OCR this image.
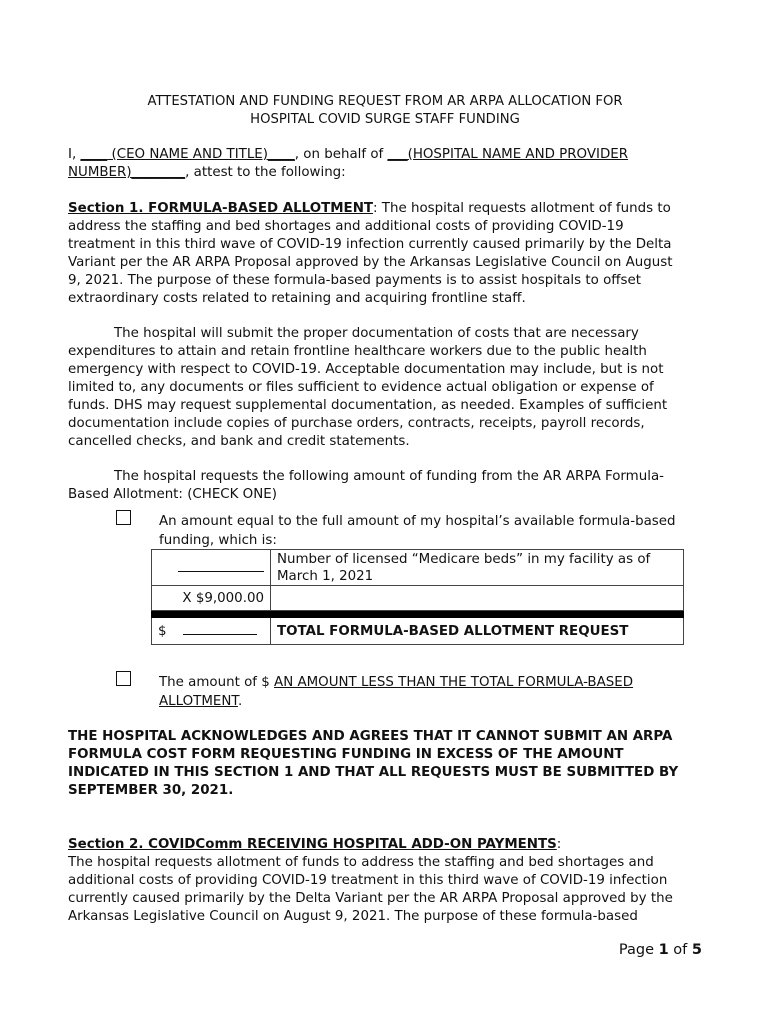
ATTESTATION AND FUNDING REQUEST FROM AR ARPA ALLOCATION FOR
HOSPITAL COVID SURGE STAFF FUNDING
I, ____ (CEO NAME AND TITLE)____, on behalf of ___(HOSPITAL NAME AND PROVIDER
NUMBER)________, attest to the following:
Section 1. FORMULA-BASED ALLOTMENT: The hospital requests allotment of funds to
address the staffing and bed shortages and additional costs of providing COVID-19
treatment in this third wave of COVID-19 infection currently caused primarily by the Delta
Variant per the AR ARPA Proposal approved by the Arkansas Legislative Council on August
9, 2021. The purpose of these formula-based payments is to assist hospitals to offset
extraordinary costs related to retaining and acquiring frontline staff.
The hospital will submit the proper documentation of costs that are necessary
expenditures to attain and retain frontline healthcare workers due to the public health
emergency with respect to COVID-19. Acceptable documentation may include, but is not
limited to, any documents or files sufficient to evidence actual obligation or expense of
funds. DHS may request supplemental documentation, as needed. Examples of sufficient
documentation include copies of purchase orders, contracts, receipts, payroll records,
cancelled checks, and bank and credit statements.
The hospital requests the following amount of funding from the AR ARPA Formula-
Based Allotment: (CHECK ONE)
An amount equal to the full amount of my hospital’s available formula-based
funding, which is:

	Number of licensed “Medicare beds” in my facility as of
March 1, 2021

X $9,000.00	

$	TOTAL FORMULA-BASED ALLOTMENT REQUEST
The amount of $ AN AMOUNT LESS THAN THE TOTAL FORMULA-BASED
ALLOTMENT.
THE HOSPITAL ACKNOWLEDGES AND AGREES THAT IT CANNOT SUBMIT AN ARPA
FORMULA COST FORM REQUESTING FUNDING IN EXCESS OF THE AMOUNT
INDICATED IN THIS SECTION 1 AND THAT ALL REQUESTS MUST BE SUBMITTED BY
SEPTEMBER 30, 2021.
Section 2. COVIDComm RECEIVING HOSPITAL ADD-ON PAYMENTS:
The hospital requests allotment of funds to address the staffing and bed shortages and
additional costs of providing COVID-19 treatment in this third wave of COVID-19 infection
currently caused primarily by the Delta Variant per the AR ARPA Proposal approved by the
Arkansas Legislative Council on August 9, 2021. The purpose of these formula-based
Page 1 of 5
